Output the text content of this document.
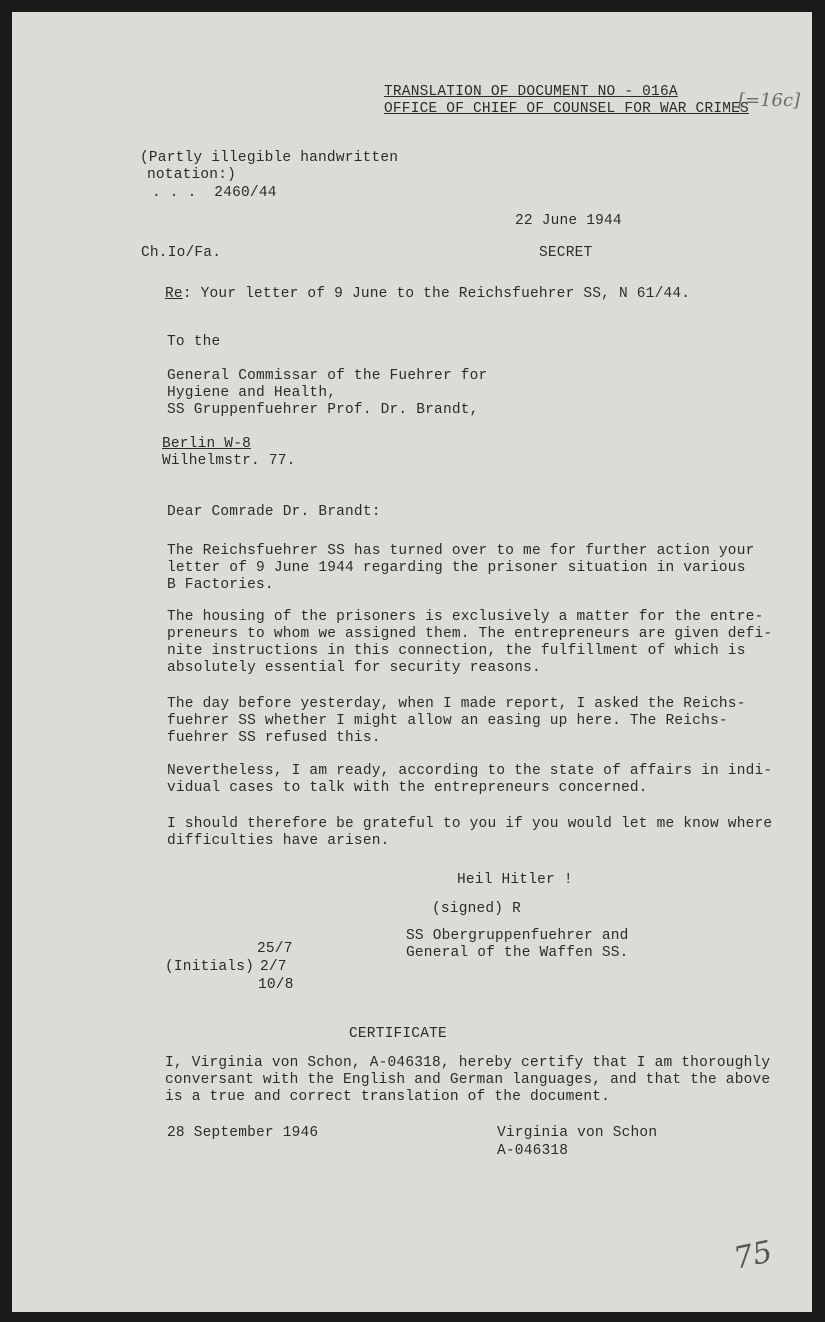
TRANSLATION OF DOCUMENT NO - 016A
OFFICE OF CHIEF OF COUNSEL FOR WAR CRIMES
[=16c]
(Partly illegible handwritten
notation:)
. . .  2460/44
22 June 1944
Ch.Io/Fa.	SECRET
Re: Your letter of 9 June to the Reichsfuehrer SS, N 61/44.
To the
General Commissar of the Fuehrer for
Hygiene and Health,
SS Gruppenfuehrer Prof. Dr. Brandt,
Berlin W-8
Wilhelmstr. 77.
Dear Comrade Dr. Brandt:
The Reichsfuehrer SS has turned over to me for further action your
letter of 9 June 1944 regarding the prisoner situation in various
B Factories.
The housing of the prisoners is exclusively a matter for the entre-
preneurs to whom we assigned them. The entrepreneurs are given defi-
nite instructions in this connection, the fulfillment of which is
absolutely essential for security reasons.
The day before yesterday, when I made report, I asked the Reichs-
fuehrer SS whether I might allow an easing up here. The Reichs-
fuehrer SS refused this.
Nevertheless, I am ready, according to the state of affairs in indi-
vidual cases to talk with the entrepreneurs concerned.
I should therefore be grateful to you if you would let me know where
difficulties have arisen.
Heil Hitler !
(signed) R
SS Obergruppenfuehrer and
General of the Waffen SS.
25/7
(Initials) 2/7
10/8
CERTIFICATE
I, Virginia von Schon, A-046318, hereby certify that I am thoroughly
conversant with the English and German languages, and that the above
is a true and correct translation of the document.
28 September 1946	Virginia von Schon
A-046318
75
